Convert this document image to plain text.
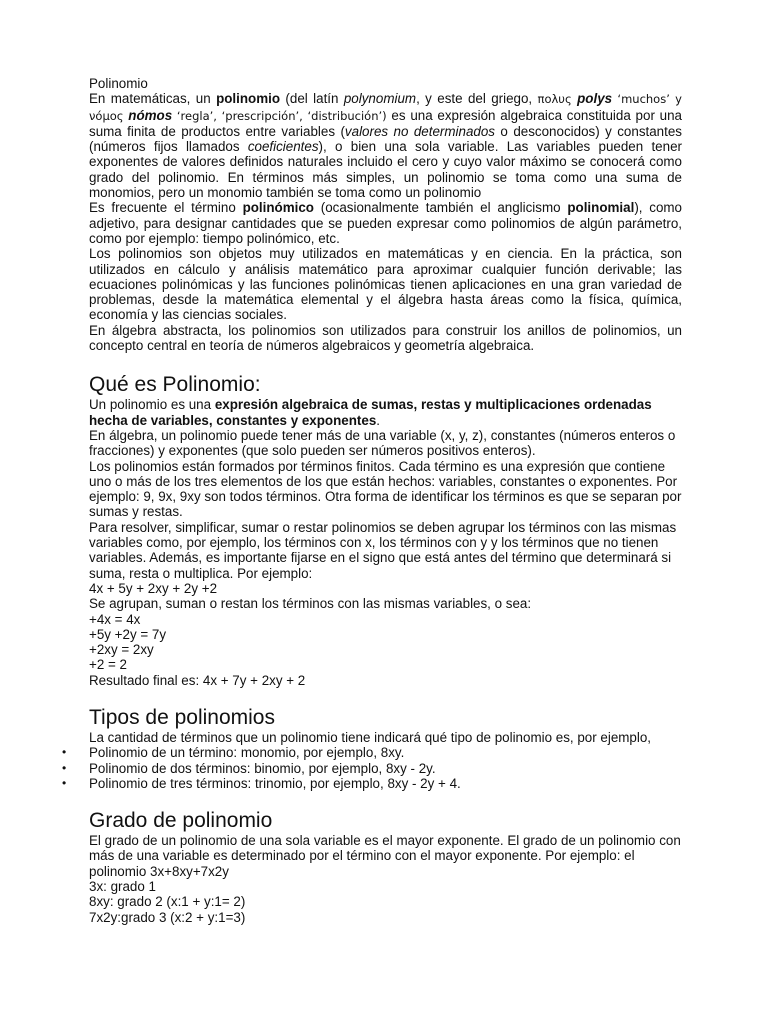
Polinomio

En matemáticas, un polinomio (del latín polynomium, y este del griego, πολυς polys ‘muchos’ y νόμος nómos ‘regla’, ‘prescripción’, ‘distribución’) es una expresión algebraica constituida por una suma finita de productos entre variables (valores no determinados o desconocidos) y constantes (números fijos llamados coeficientes), o bien una sola variable. Las variables pueden tener exponentes de valores definidos naturales incluido el cero y cuyo valor máximo se conocerá como grado del polinomio. En términos más simples, un polinomio se toma como una suma de monomios, pero un monomio también se toma como un polinomio

Es frecuente el término polinómico (ocasionalmente también el anglicismo polinomial), como adjetivo, para designar cantidades que se pueden expresar como polinomios de algún parámetro, como por ejemplo: tiempo polinómico, etc.

Los polinomios son objetos muy utilizados en matemáticas y en ciencia. En la práctica, son utilizados en cálculo y análisis matemático para aproximar cualquier función derivable; las ecuaciones polinómicas y las funciones polinómicas tienen aplicaciones en una gran variedad de problemas, desde la matemática elemental y el álgebra hasta áreas como la física, química, economía y las ciencias sociales.

En álgebra abstracta, los polinomios son utilizados para construir los anillos de polinomios, un concepto central en teoría de números algebraicos y geometría algebraica.

Qué es Polinomio:

Un polinomio es una expresión algebraica de sumas, restas y multiplicaciones ordenadas hecha de variables, constantes y exponentes.

En álgebra, un polinomio puede tener más de una variable (x, y, z), constantes (números enteros o fracciones) y exponentes (que solo pueden ser números positivos enteros).

Los polinomios están formados por términos finitos. Cada término es una expresión que contiene uno o más de los tres elementos de los que están hechos: variables, constantes o exponentes. Por ejemplo: 9, 9x, 9xy son todos términos. Otra forma de identificar los términos es que se separan por sumas y restas.

Para resolver, simplificar, sumar o restar polinomios se deben agrupar los términos con las mismas variables como, por ejemplo, los términos con x, los términos con y y los términos que no tienen variables. Además, es importante fijarse en el signo que está antes del término que determinará si suma, resta o multiplica. Por ejemplo:

4x + 5y + 2xy + 2y +2

Se agrupan, suman o restan los términos con las mismas variables, o sea:

+4x = 4x

+5y +2y = 7y

+2xy = 2xy

+2 = 2

Resultado final es: 4x + 7y + 2xy + 2

Tipos de polinomios

La cantidad de términos que un polinomio tiene indicará qué tipo de polinomio es, por ejemplo,

• Polinomio de un término: monomio, por ejemplo, 8xy.
• Polinomio de dos términos: binomio, por ejemplo, 8xy - 2y.
• Polinomio de tres términos: trinomio, por ejemplo, 8xy - 2y + 4.
Grado de polinomio

El grado de un polinomio de una sola variable es el mayor exponente. El grado de un polinomio con más de una variable es determinado por el término con el mayor exponente. Por ejemplo: el polinomio 3x+8xy+7x2y

3x: grado 1

8xy: grado 2 (x:1 + y:1= 2)

7x2y:grado 3 (x:2 + y:1=3)
